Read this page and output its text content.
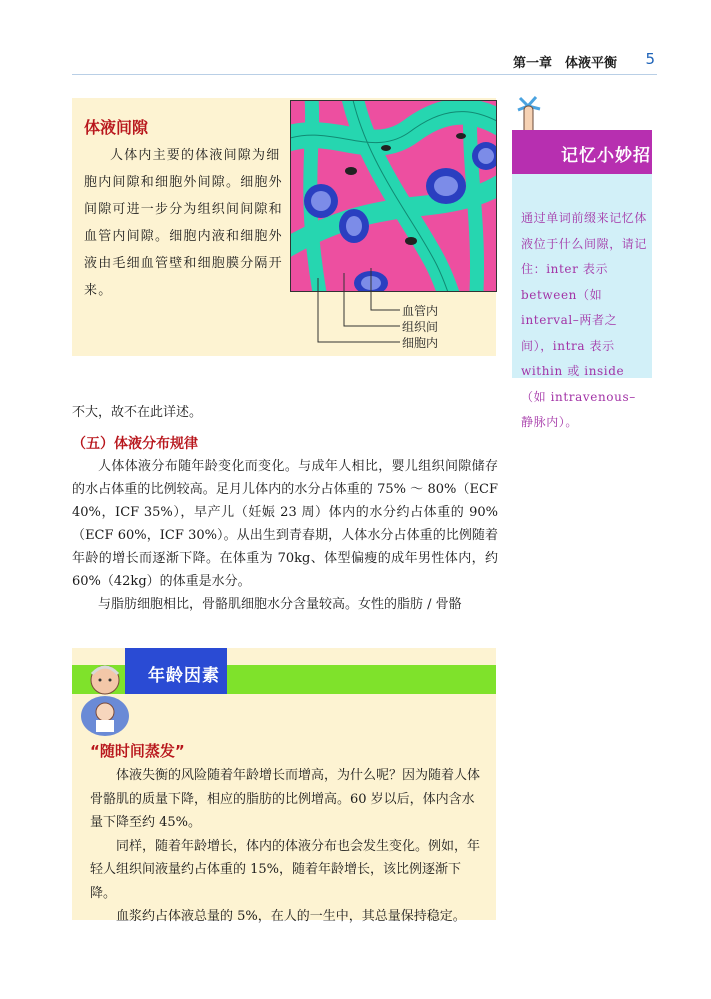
第一章　体液平衡 5
体液间隙

人体内主要的体液间隙为细胞内间隙和细胞外间隙。细胞外间隙可进一步分为组织间间隙和血管内间隙。细胞内液和细胞外液由毛细血管壁和细胞膜分隔开来。

血管内
组织间
细胞内
记忆小妙招
通过单词前缀来记忆体液位于什么间隙，请记住：inter 表示 between（如 interval–两者之间），intra 表示 within 或 inside（如 intravenous–静脉内）。
不大，故不在此详述。
（五）体液分布规律

人体体液分布随年龄变化而变化。与成年人相比，婴儿组织间隙储存的水占体重的比例较高。足月儿体内的水分占体重的 75% ～ 80%（ECF 40%，ICF 35%），早产儿（妊娠 23 周）体内的水分约占体重的 90%（ECF 60%，ICF 30%）。从出生到青春期，人体水分占体重的比例随着年龄的增长而逐渐下降。在体重为 70kg、体型偏瘦的成年男性体内，约 60%（42kg）的体重是水分。

与脂肪细胞相比，骨骼肌细胞水分含量较高。女性的脂肪 / 骨骼

年龄因素
“随时间蒸发”

体液失衡的风险随着年龄增长而增高，为什么呢？因为随着人体骨骼肌的质量下降，相应的脂肪的比例增高。60 岁以后，体内含水量下降至约 45%。

同样，随着年龄增长，体内的体液分布也会发生变化。例如，年轻人组织间液量约占体重的 15%，随着年龄增长，该比例逐渐下降。

血浆约占体液总量的 5%，在人的一生中，其总量保持稳定。
